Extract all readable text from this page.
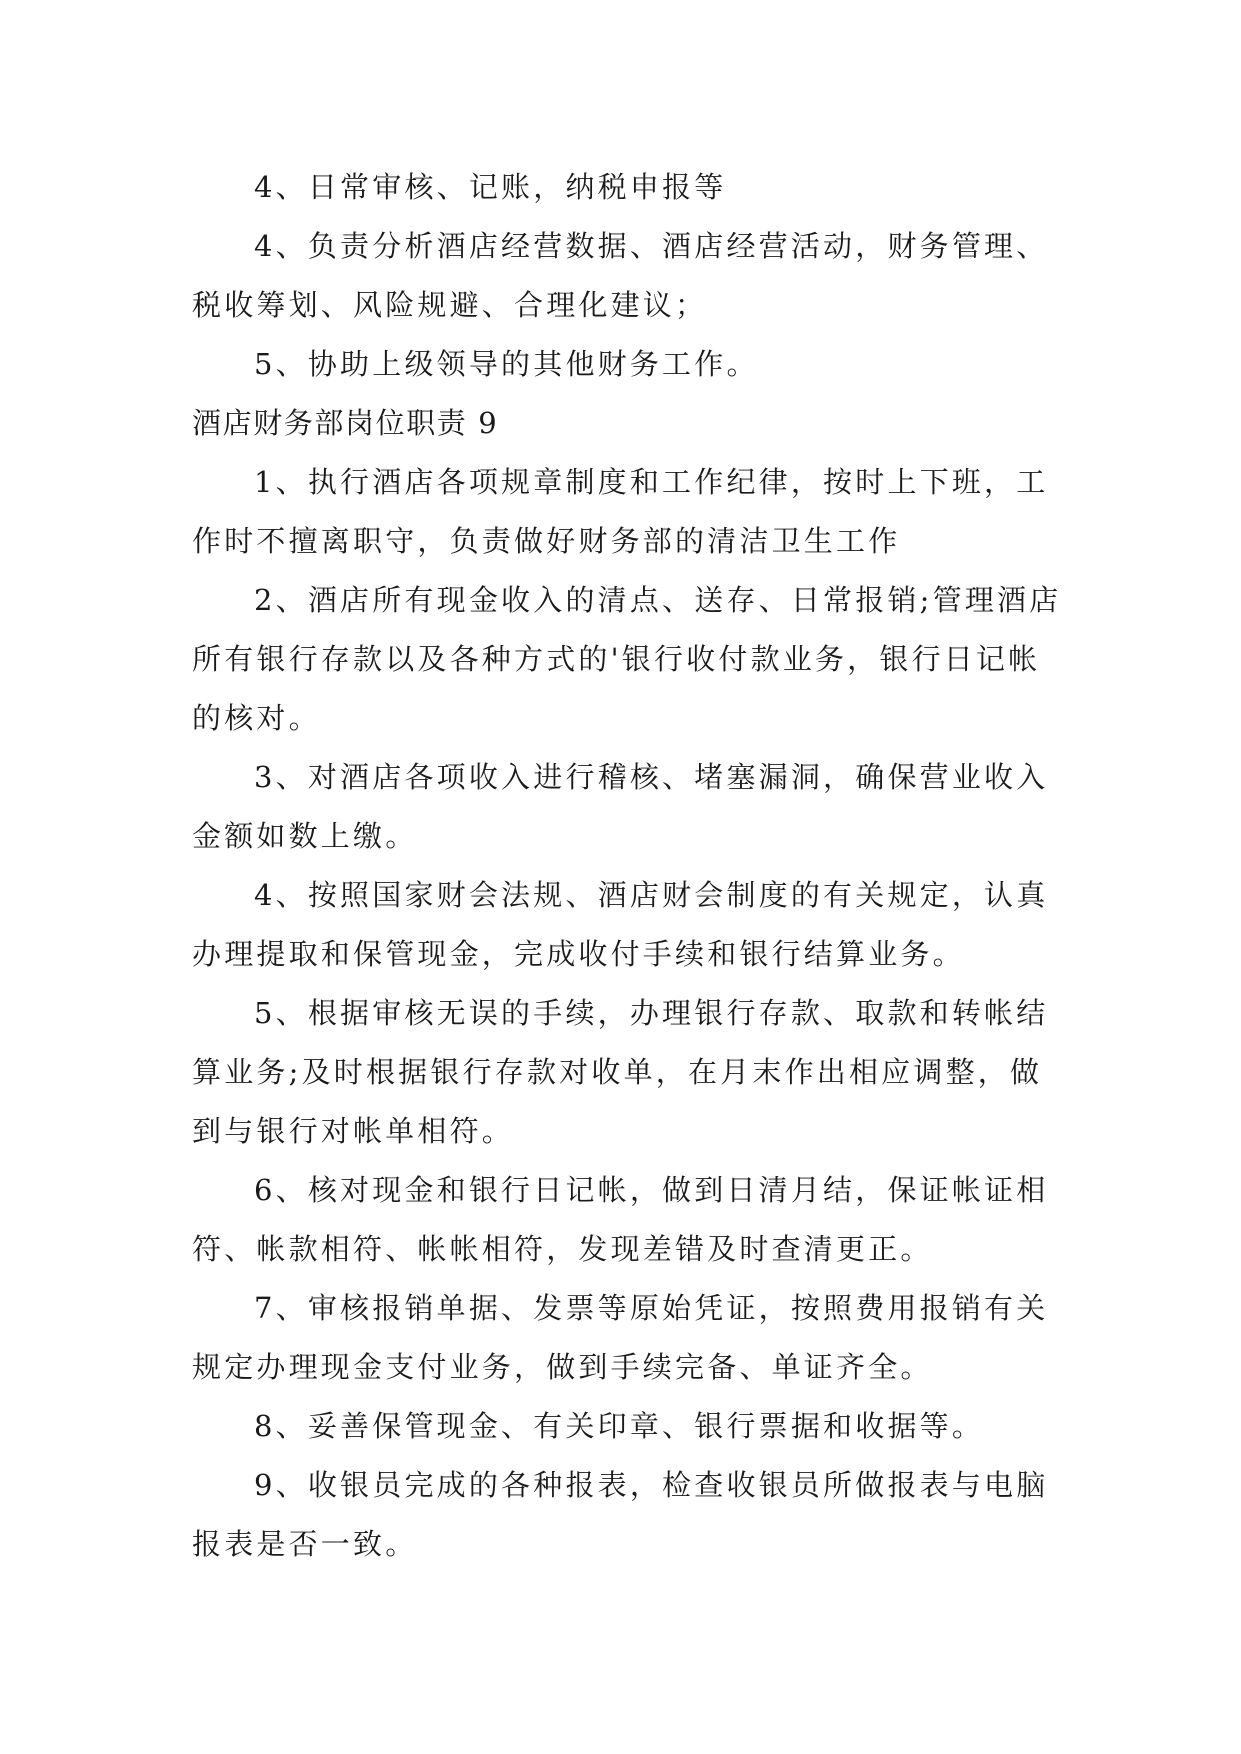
4、日常审核、记账，纳税申报等

4、负责分析酒店经营数据、酒店经营活动，财务管理、税收筹划、风险规避、合理化建议；

5、协助上级领导的其他财务工作。

酒店财务部岗位职责 9

1、执行酒店各项规章制度和工作纪律，按时上下班，工作时不擅离职守，负责做好财务部的清洁卫生工作

2、酒店所有现金收入的清点、送存、日常报销;管理酒店所有银行存款以及各种方式的'银行收付款业务，银行日记帐的核对。

3、对酒店各项收入进行稽核、堵塞漏洞，确保营业收入金额如数上缴。

4、按照国家财会法规、酒店财会制度的有关规定，认真办理提取和保管现金，完成收付手续和银行结算业务。

5、根据审核无误的手续，办理银行存款、取款和转帐结算业务;及时根据银行存款对收单，在月末作出相应调整，做到与银行对帐单相符。

6、核对现金和银行日记帐，做到日清月结，保证帐证相符、帐款相符、帐帐相符，发现差错及时查清更正。

7、审核报销单据、发票等原始凭证，按照费用报销有关规定办理现金支付业务，做到手续完备、单证齐全。

8、妥善保管现金、有关印章、银行票据和收据等。

9、收银员完成的各种报表，检查收银员所做报表与电脑报表是否一致。
